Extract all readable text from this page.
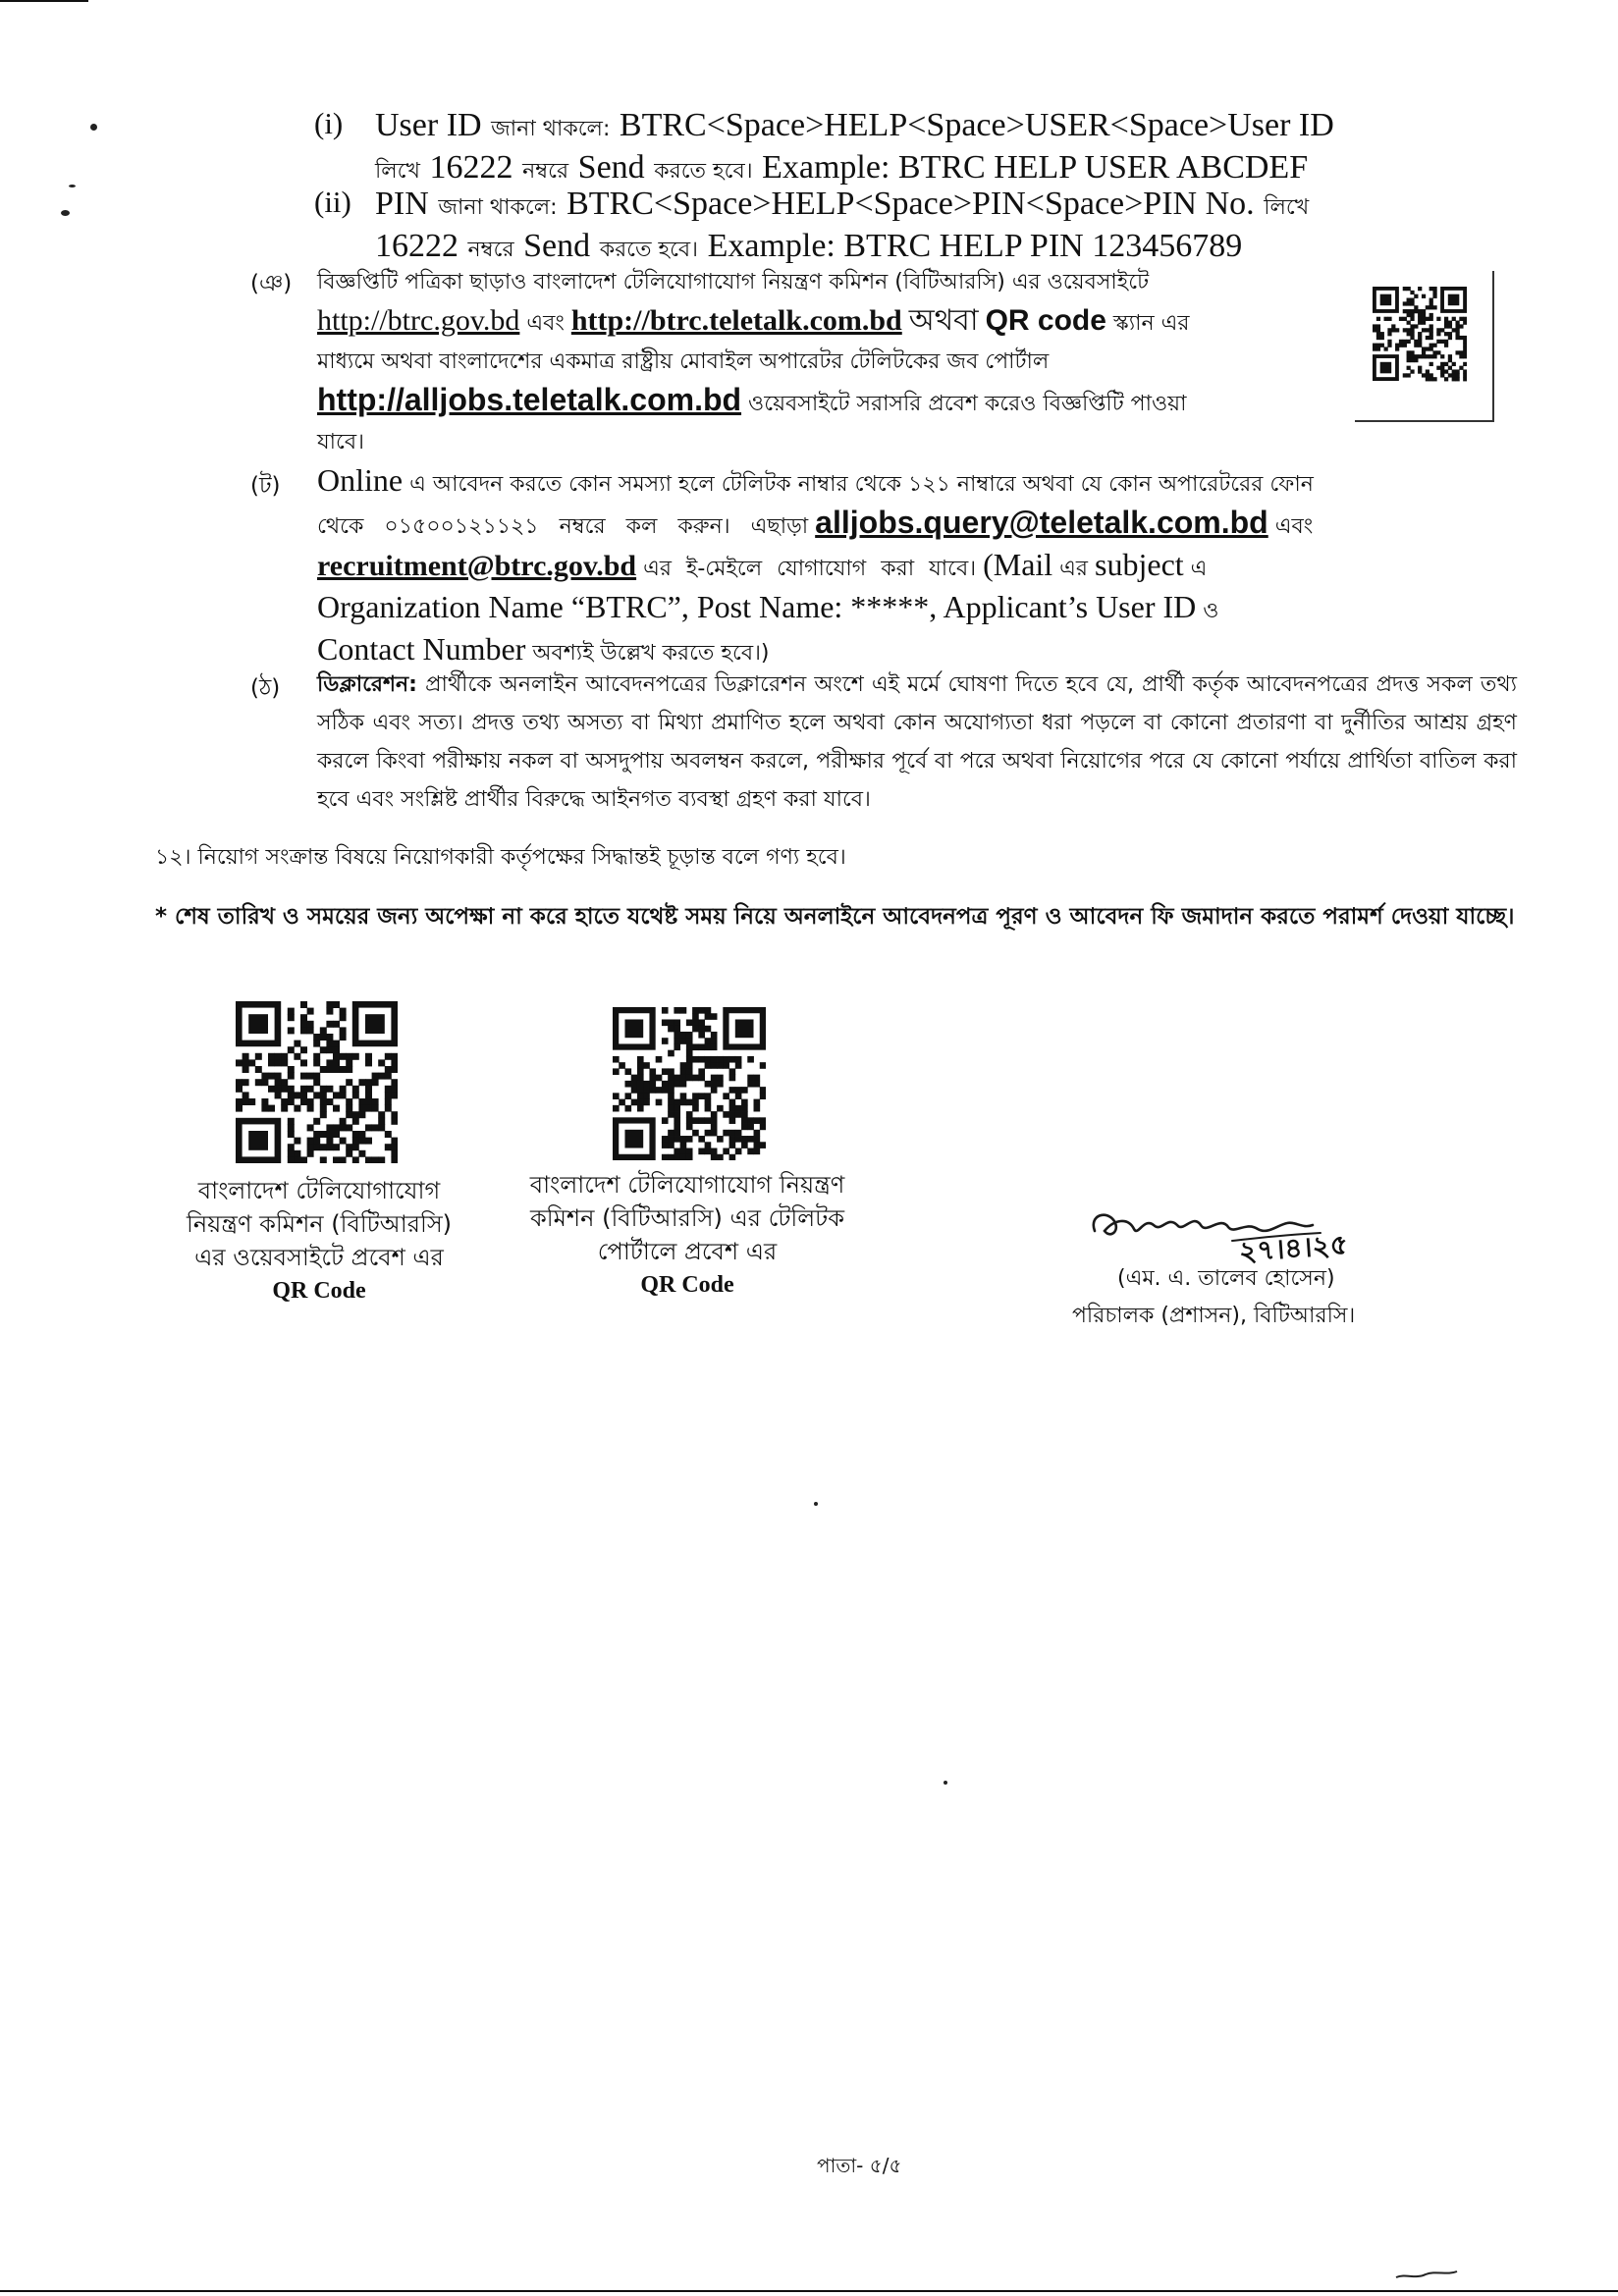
(i) User ID জানা থাকলে: BTRC<Space>HELP<Space>USER<Space>User ID
লিখে 16222 নম্বরে Send করতে হবে। Example: BTRC HELP USER ABCDEF
(ii) PIN জানা থাকলে: BTRC<Space>HELP<Space>PIN<Space>PIN No. লিখে
16222 নম্বরে Send করতে হবে। Example: BTRC HELP PIN 123456789
(ঞ) বিজ্ঞপ্তিটি পত্রিকা ছাড়াও বাংলাদেশ টেলিযোগাযোগ নিয়ন্ত্রণ কমিশন (বিটিআরসি) এর ওয়েবসাইটে
http://btrc.gov.bd এবং http://btrc.teletalk.com.bd অথবা QR code স্ক্যান এর
মাধ্যমে অথবা বাংলাদেশের একমাত্র রাষ্ট্রীয় মোবাইল অপারেটর টেলিটকের জব পোর্টাল
http://alljobs.teletalk.com.bd ওয়েবসাইটে সরাসরি প্রবেশ করেও বিজ্ঞপ্তিটি পাওয়া
যাবে।
(ট) Online এ আবেদন করতে কোন সমস্যা হলে টেলিটক নাম্বার থেকে ১২১ নাম্বারে অথবা যে কোন অপারেটরের ফোন
থেকে ০১৫০০১২১১২১ নম্বরে কল করুন। এছাড়া alljobs.query@teletalk.com.bd এবং
recruitment@btrc.gov.bd এর ই-মেইলে যোগাযোগ করা যাবে। (Mail এর subject এ
Organization Name “BTRC”, Post Name: *****, Applicant’s User ID ও
Contact Number অবশ্যই উল্লেখ করতে হবে।)
(ঠ) ডিক্লারেশন: প্রার্থীকে অনলাইন আবেদনপত্রের ডিক্লারেশন অংশে এই মর্মে ঘোষণা দিতে হবে যে, প্রার্থী কর্তৃক আবেদনপত্রের প্রদত্ত সকল তথ্য সঠিক এবং সত্য। প্রদত্ত তথ্য অসত্য বা মিথ্যা প্রমাণিত হলে অথবা কোন অযোগ্যতা ধরা পড়লে বা কোনো প্রতারণা বা দুর্নীতির আশ্রয় গ্রহণ করলে কিংবা পরীক্ষায় নকল বা অসদুপায় অবলম্বন করলে, পরীক্ষার পূর্বে বা পরে অথবা নিয়োগের পরে যে কোনো পর্যায়ে প্রার্থিতা বাতিল করা হবে এবং সংশ্লিষ্ট প্রার্থীর বিরুদ্ধে আইনগত ব্যবস্থা গ্রহণ করা যাবে।
১২। নিয়োগ সংক্রান্ত বিষয়ে নিয়োগকারী কর্তৃপক্ষের সিদ্ধান্তই চূড়ান্ত বলে গণ্য হবে।
* শেষ তারিখ ও সময়ের জন্য অপেক্ষা না করে হাতে যথেষ্ট সময় নিয়ে অনলাইনে আবেদনপত্র পূরণ ও আবেদন ফি জমাদান করতে পরামর্শ দেওয়া যাচ্ছে।
বাংলাদেশ টেলিযোগাযোগ
নিয়ন্ত্রণ কমিশন (বিটিআরসি)
এর ওয়েবসাইটে প্রবেশ এর
QR Code
বাংলাদেশ টেলিযোগাযোগ নিয়ন্ত্রণ
কমিশন (বিটিআরসি) এর টেলিটক
পোর্টালে প্রবেশ এর
QR Code
২৭।৪।২৫
(এম. এ. তালেব হোসেন)
পরিচালক (প্রশাসন), বিটিআরসি।
পাতা- ৫/৫
